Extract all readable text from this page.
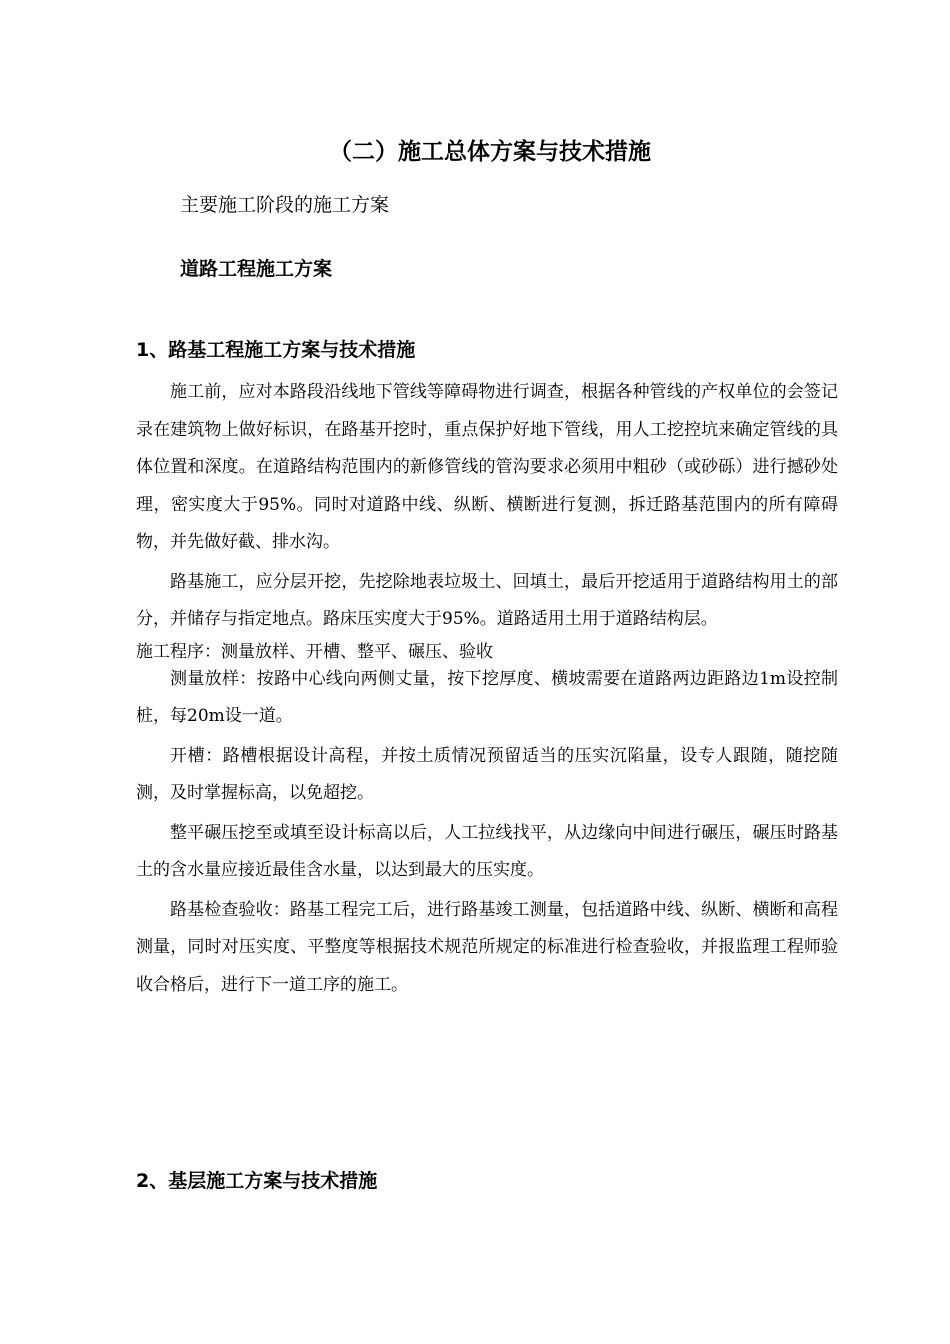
（二）施工总体方案与技术措施

主要施工阶段的施工方案

道路工程施工方案
1、路基工程施工方案与技术措施

施工前，应对本路段沿线地下管线等障碍物进行调查，根据各种管线的产权单位的会签记录在建筑物上做好标识，在路基开挖时，重点保护好地下管线，用人工挖控坑来确定管线的具体位置和深度。在道路结构范围内的新修管线的管沟要求必须用中粗砂（或砂砾）进行撼砂处理，密实度大于95%。同时对道路中线、纵断、横断进行复测，拆迁路基范围内的所有障碍物，并先做好截、排水沟。

路基施工，应分层开挖，先挖除地表垃圾土、回填土，最后开挖适用于道路结构用土的部分，并储存与指定地点。路床压实度大于95%。道路适用土用于道路结构层。

施工程序：测量放样、开槽、整平、碾压、验收

测量放样：按路中心线向两侧丈量，按下挖厚度、横坡需要在道路两边距路边1m设控制桩，每20m设一道。

开槽：路槽根据设计高程，并按土质情况预留适当的压实沉陷量，设专人跟随，随挖随测，及时掌握标高，以免超挖。

整平碾压挖至或填至设计标高以后，人工拉线找平，从边缘向中间进行碾压，碾压时路基土的含水量应接近最佳含水量，以达到最大的压实度。

路基检查验收：路基工程完工后，进行路基竣工测量，包括道路中线、纵断、横断和高程测量，同时对压实度、平整度等根据技术规范所规定的标准进行检查验收，并报监理工程师验收合格后，进行下一道工序的施工。

2、基层施工方案与技术措施
